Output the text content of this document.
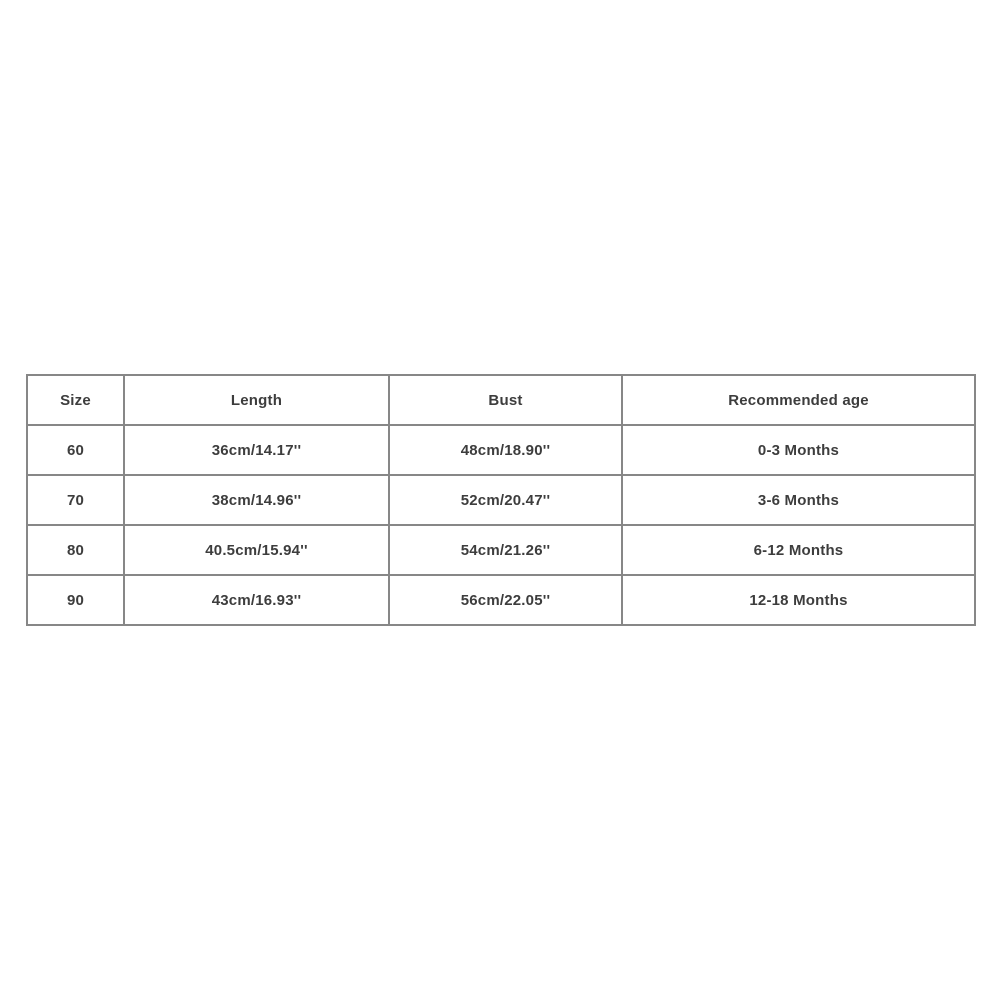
Size	Length	Bust	Recommended age
60	36cm/14.17''	48cm/18.90''	0-3 Months
70	38cm/14.96''	52cm/20.47''	3-6 Months
80	40.5cm/15.94''	54cm/21.26''	6-12 Months
90	43cm/16.93''	56cm/22.05''	12-18 Months
